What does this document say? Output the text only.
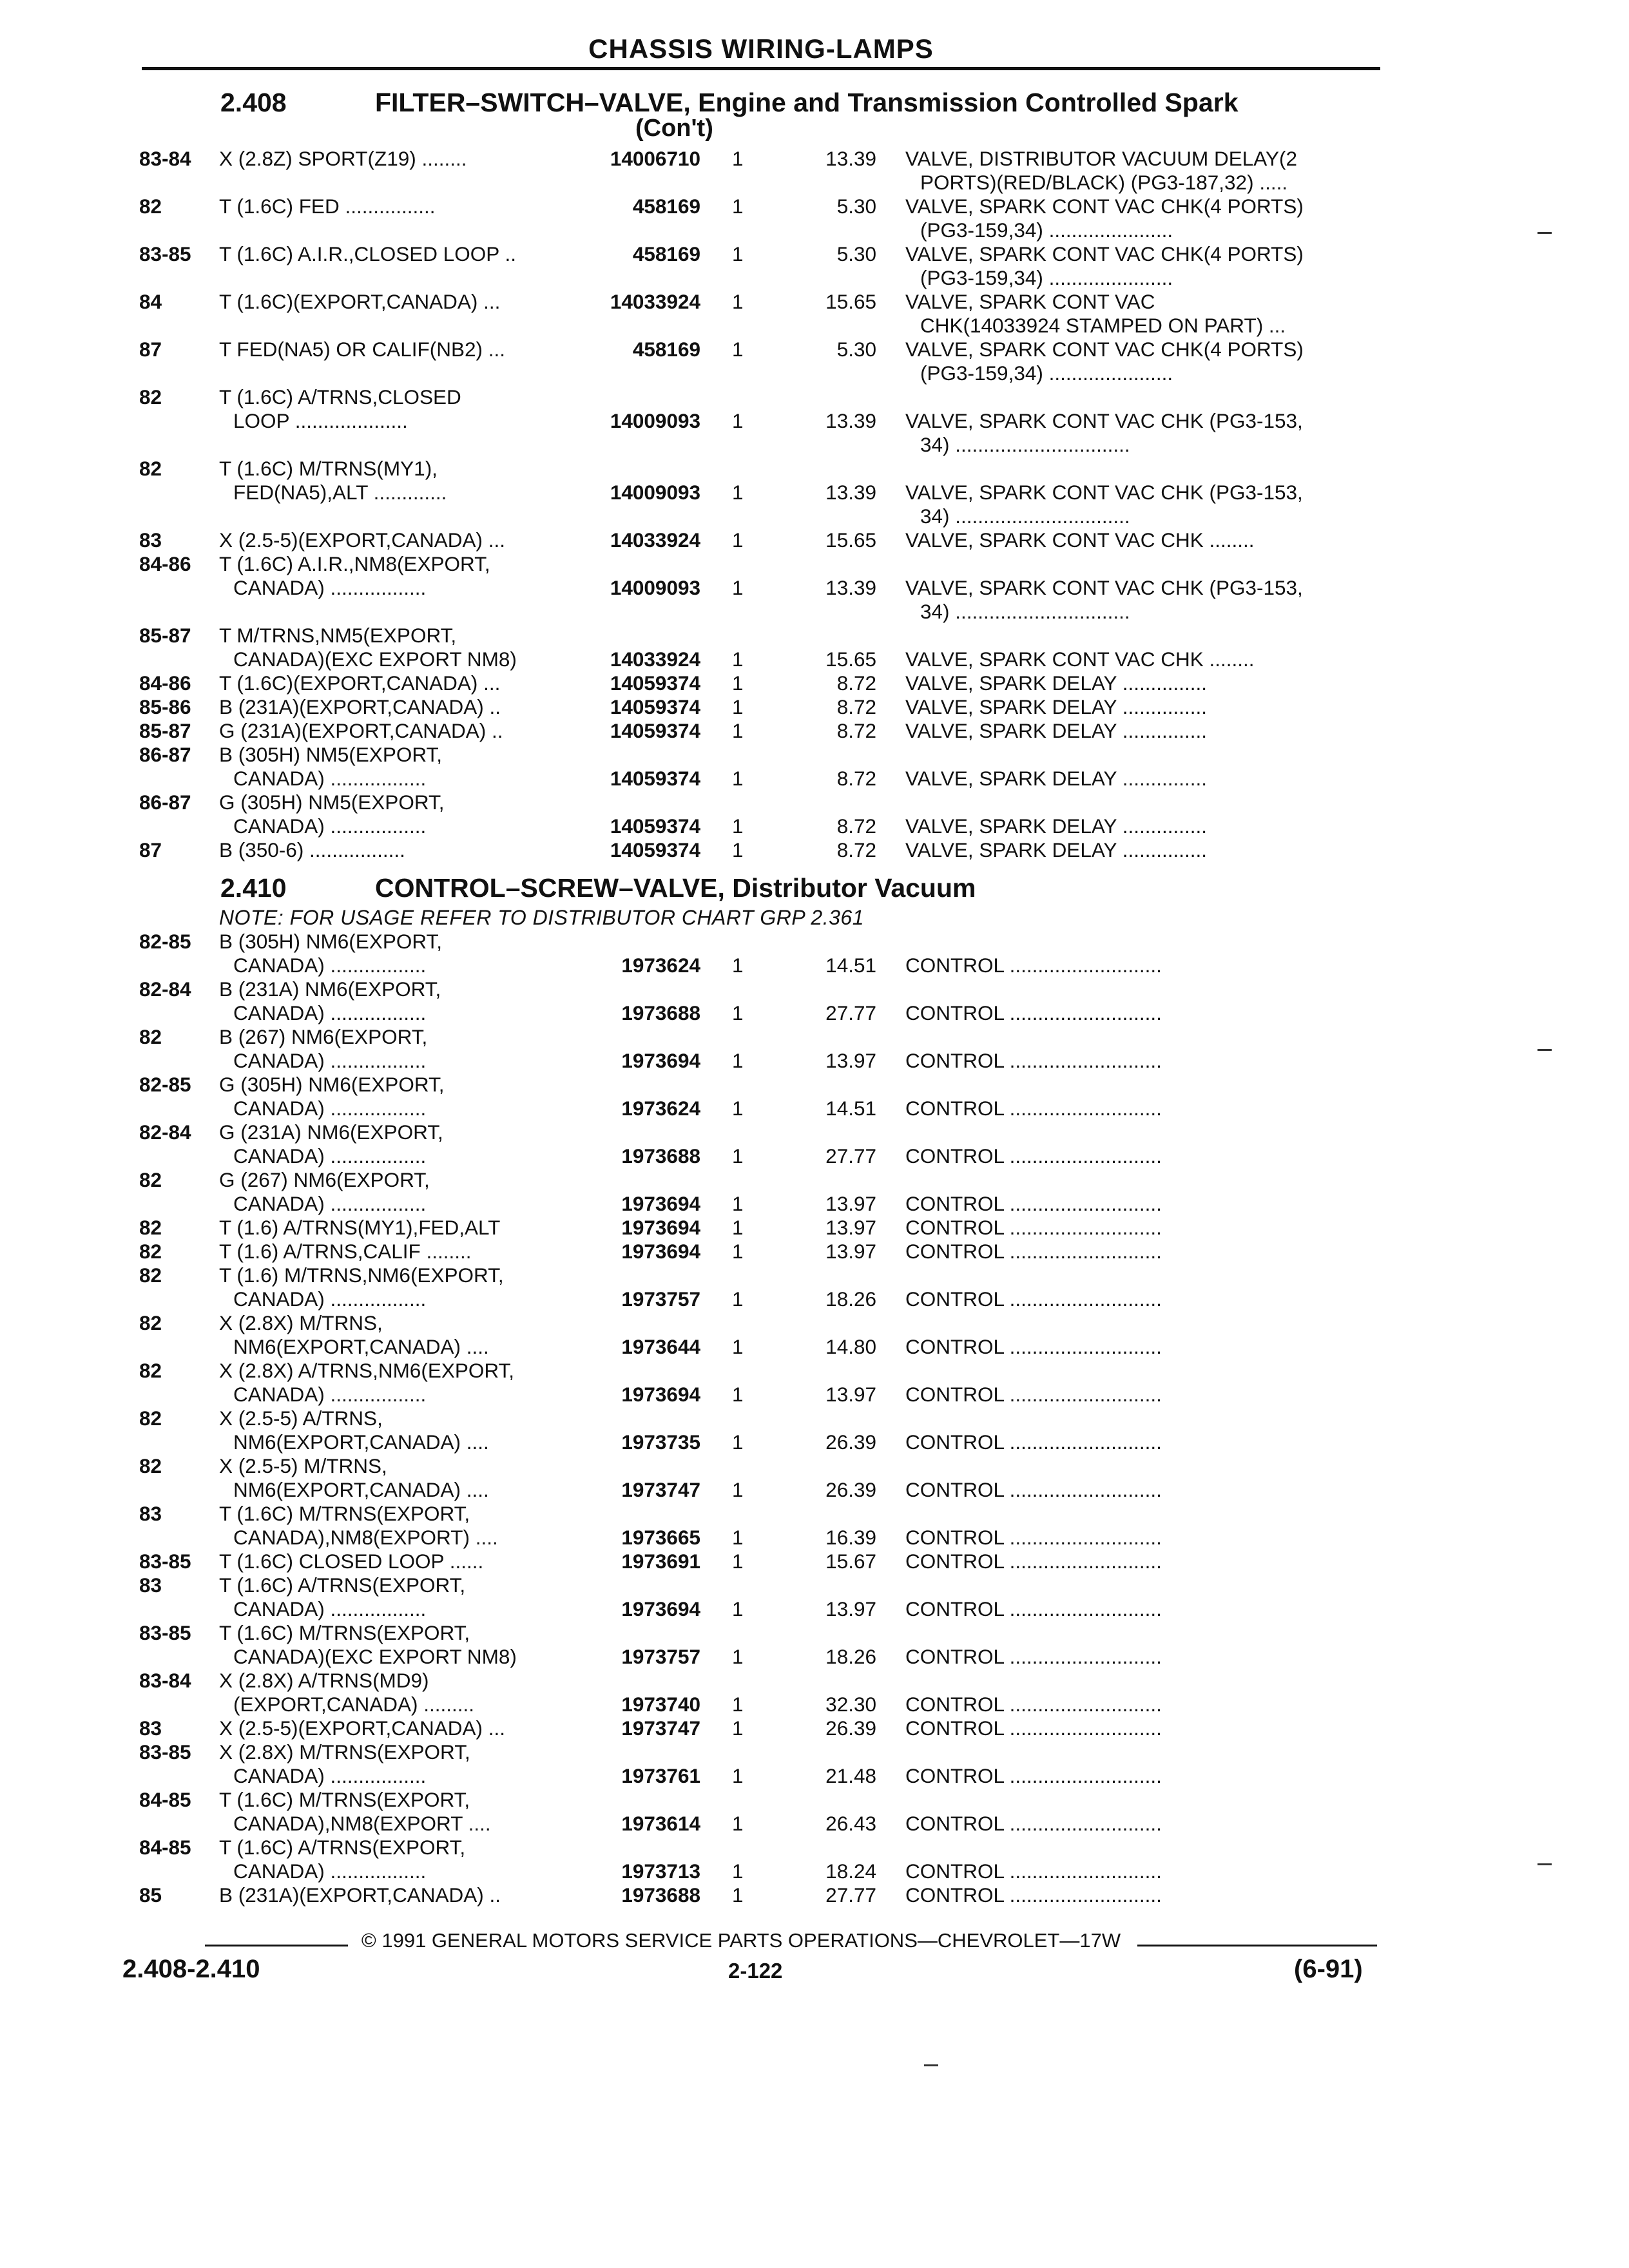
CHASSIS WIRING-LAMPS
2.408	FILTER–SWITCH–VALVE, Engine and Transmission Controlled Spark
(Con't)
83-84 X (2.8Z) SPORT(Z19) ........	14006710 1	13.39 VALVE, DISTRIBUTOR VACUUM DELAY(2
PORTS)(RED/BLACK) (PG3-187,32) .....
82	T (1.6C) FED ................	458169 1	5.30 VALVE, SPARK CONT VAC CHK(4 PORTS)
(PG3-159,34) ......................
83-85 T (1.6C) A.I.R.,CLOSED LOOP ..	458169 1	5.30 VALVE, SPARK CONT VAC CHK(4 PORTS)
(PG3-159,34) ......................
84	T (1.6C)(EXPORT,CANADA) ...	14033924 1	15.65 VALVE, SPARK CONT VAC
CHK(14033924 STAMPED ON PART) ...
87	T FED(NA5) OR CALIF(NB2) ...	458169 1	5.30 VALVE, SPARK CONT VAC CHK(4 PORTS)
(PG3-159,34) ......................
82	T (1.6C) A/TRNS,CLOSED
LOOP ....................	14009093 1	13.39 VALVE, SPARK CONT VAC CHK (PG3-153,
34) ...............................
82	T (1.6C) M/TRNS(MY1),
FED(NA5),ALT .............	14009093 1	13.39 VALVE, SPARK CONT VAC CHK (PG3-153,
34) ...............................
83	X (2.5-5)(EXPORT,CANADA) ...	14033924 1	15.65 VALVE, SPARK CONT VAC CHK ........
84-86 T (1.6C) A.I.R.,NM8(EXPORT,
CANADA) .................	14009093 1	13.39 VALVE, SPARK CONT VAC CHK (PG3-153,
34) ...............................
85-87 T M/TRNS,NM5(EXPORT,
CANADA)(EXC EXPORT NM8)	14033924 1	15.65 VALVE, SPARK CONT VAC CHK ........
84-86 T (1.6C)(EXPORT,CANADA) ...	14059374 1	8.72 VALVE, SPARK DELAY ...............
85-86 B (231A)(EXPORT,CANADA) ..	14059374 1	8.72 VALVE, SPARK DELAY ...............
85-87 G (231A)(EXPORT,CANADA) ..	14059374 1	8.72 VALVE, SPARK DELAY ...............
86-87 B (305H) NM5(EXPORT,
CANADA) .................	14059374 1	8.72 VALVE, SPARK DELAY ...............
86-87 G (305H) NM5(EXPORT,
CANADA) .................	14059374 1	8.72 VALVE, SPARK DELAY ...............
87	B (350-6) .................	14059374 1	8.72 VALVE, SPARK DELAY ...............
2.410	CONTROL–SCREW–VALVE, Distributor Vacuum
NOTE: FOR USAGE REFER TO DISTRIBUTOR CHART GRP 2.361
82-85 B (305H) NM6(EXPORT,
CANADA) .................	1973624 1	14.51 CONTROL ...........................
82-84 B (231A) NM6(EXPORT,
CANADA) .................	1973688 1	27.77 CONTROL ...........................
82	B (267) NM6(EXPORT,
CANADA) .................	1973694 1	13.97 CONTROL ...........................
82-85 G (305H) NM6(EXPORT,
CANADA) .................	1973624 1	14.51 CONTROL ...........................
82-84 G (231A) NM6(EXPORT,
CANADA) .................	1973688 1	27.77 CONTROL ...........................
82	G (267) NM6(EXPORT,
CANADA) .................	1973694 1	13.97 CONTROL ...........................
82	T (1.6) A/TRNS(MY1),FED,ALT	1973694 1	13.97 CONTROL ...........................
82	T (1.6) A/TRNS,CALIF ........	1973694 1	13.97 CONTROL ...........................
82	T (1.6) M/TRNS,NM6(EXPORT,
CANADA) .................	1973757 1	18.26 CONTROL ...........................
82	X (2.8X) M/TRNS,
NM6(EXPORT,CANADA) ....	1973644 1	14.80 CONTROL ...........................
82	X (2.8X) A/TRNS,NM6(EXPORT,
CANADA) .................	1973694 1	13.97 CONTROL ...........................
82	X (2.5-5) A/TRNS,
NM6(EXPORT,CANADA) ....	1973735 1	26.39 CONTROL ...........................
82	X (2.5-5) M/TRNS,
NM6(EXPORT,CANADA) ....	1973747 1	26.39 CONTROL ...........................
83	T (1.6C) M/TRNS(EXPORT,
CANADA),NM8(EXPORT) ....	1973665 1	16.39 CONTROL ...........................
83-85 T (1.6C) CLOSED LOOP ......	1973691 1	15.67 CONTROL ...........................
83	T (1.6C) A/TRNS(EXPORT,
CANADA) .................	1973694 1	13.97 CONTROL ...........................
83-85 T (1.6C) M/TRNS(EXPORT,
CANADA)(EXC EXPORT NM8)	1973757 1	18.26 CONTROL ...........................
83-84 X (2.8X) A/TRNS(MD9)
(EXPORT,CANADA) .........	1973740 1	32.30 CONTROL ...........................
83	X (2.5-5)(EXPORT,CANADA) ...	1973747 1	26.39 CONTROL ...........................
83-85 X (2.8X) M/TRNS(EXPORT,
CANADA) .................	1973761 1	21.48 CONTROL ...........................
84-85 T (1.6C) M/TRNS(EXPORT,
CANADA),NM8(EXPORT ....	1973614 1	26.43 CONTROL ...........................
84-85 T (1.6C) A/TRNS(EXPORT,
CANADA) .................	1973713 1	18.24 CONTROL ...........................
85	B (231A)(EXPORT,CANADA) ..	1973688 1	27.77 CONTROL ...........................
© 1991 GENERAL MOTORS SERVICE PARTS OPERATIONS—CHEVROLET—17W
2.408-2.410	2-122	(6-91)
